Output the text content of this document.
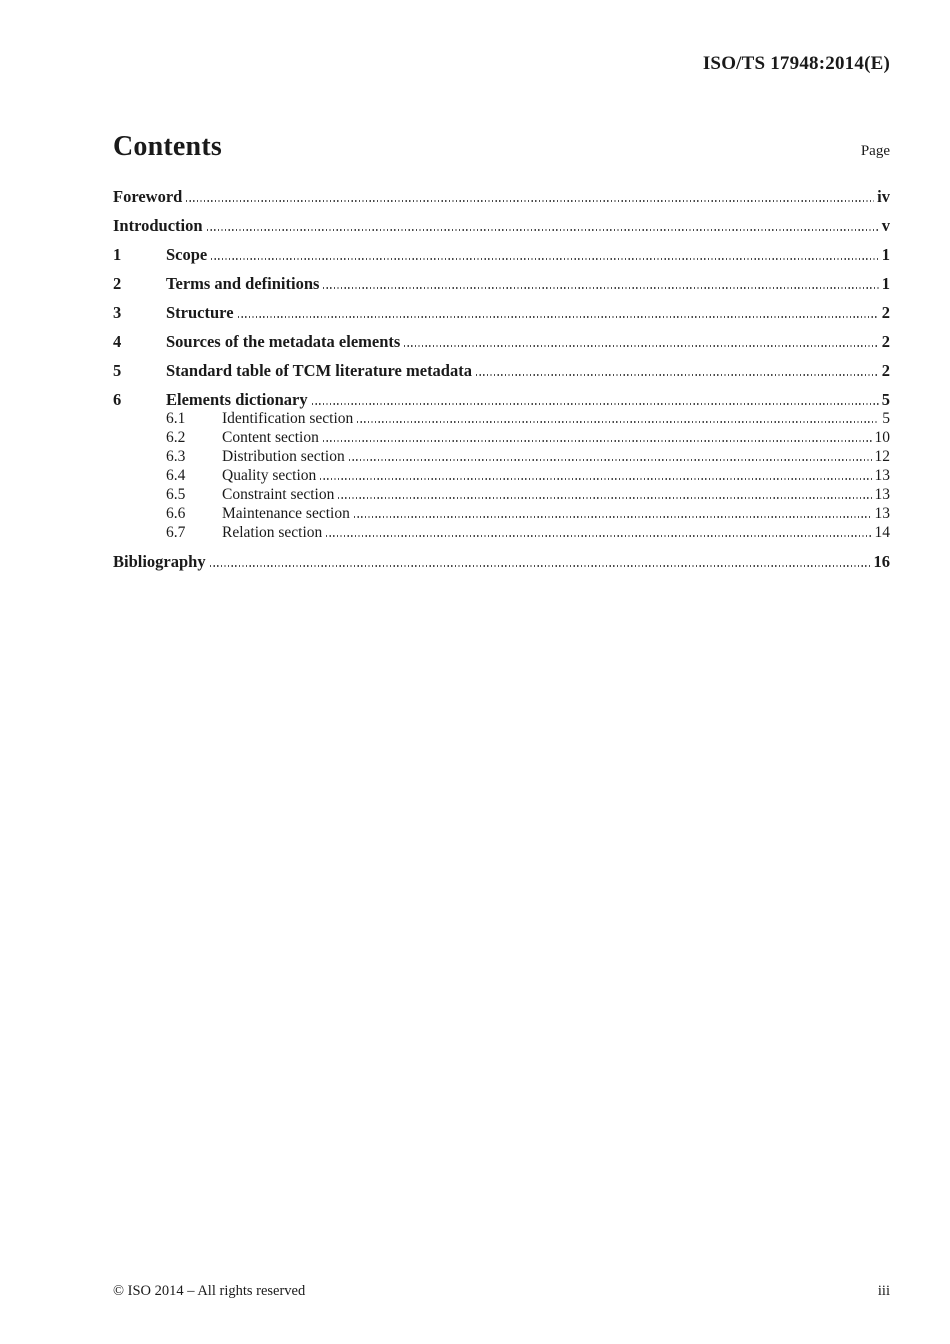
ISO/TS 17948:2014(E)
Contents	Page
Foreword	iv
Introduction	v
1	Scope	1
2	Terms and definitions	1
3	Structure	2
4	Sources of the metadata elements	2
5	Standard table of TCM literature metadata	2
6	Elements dictionary	5
6.1	Identification section	5
6.2	Content section	10
6.3	Distribution section	12
6.4	Quality section	13
6.5	Constraint section	13
6.6	Maintenance section	13
6.7	Relation section	14
Bibliography	16
© ISO 2014 – All rights reserved	iii
